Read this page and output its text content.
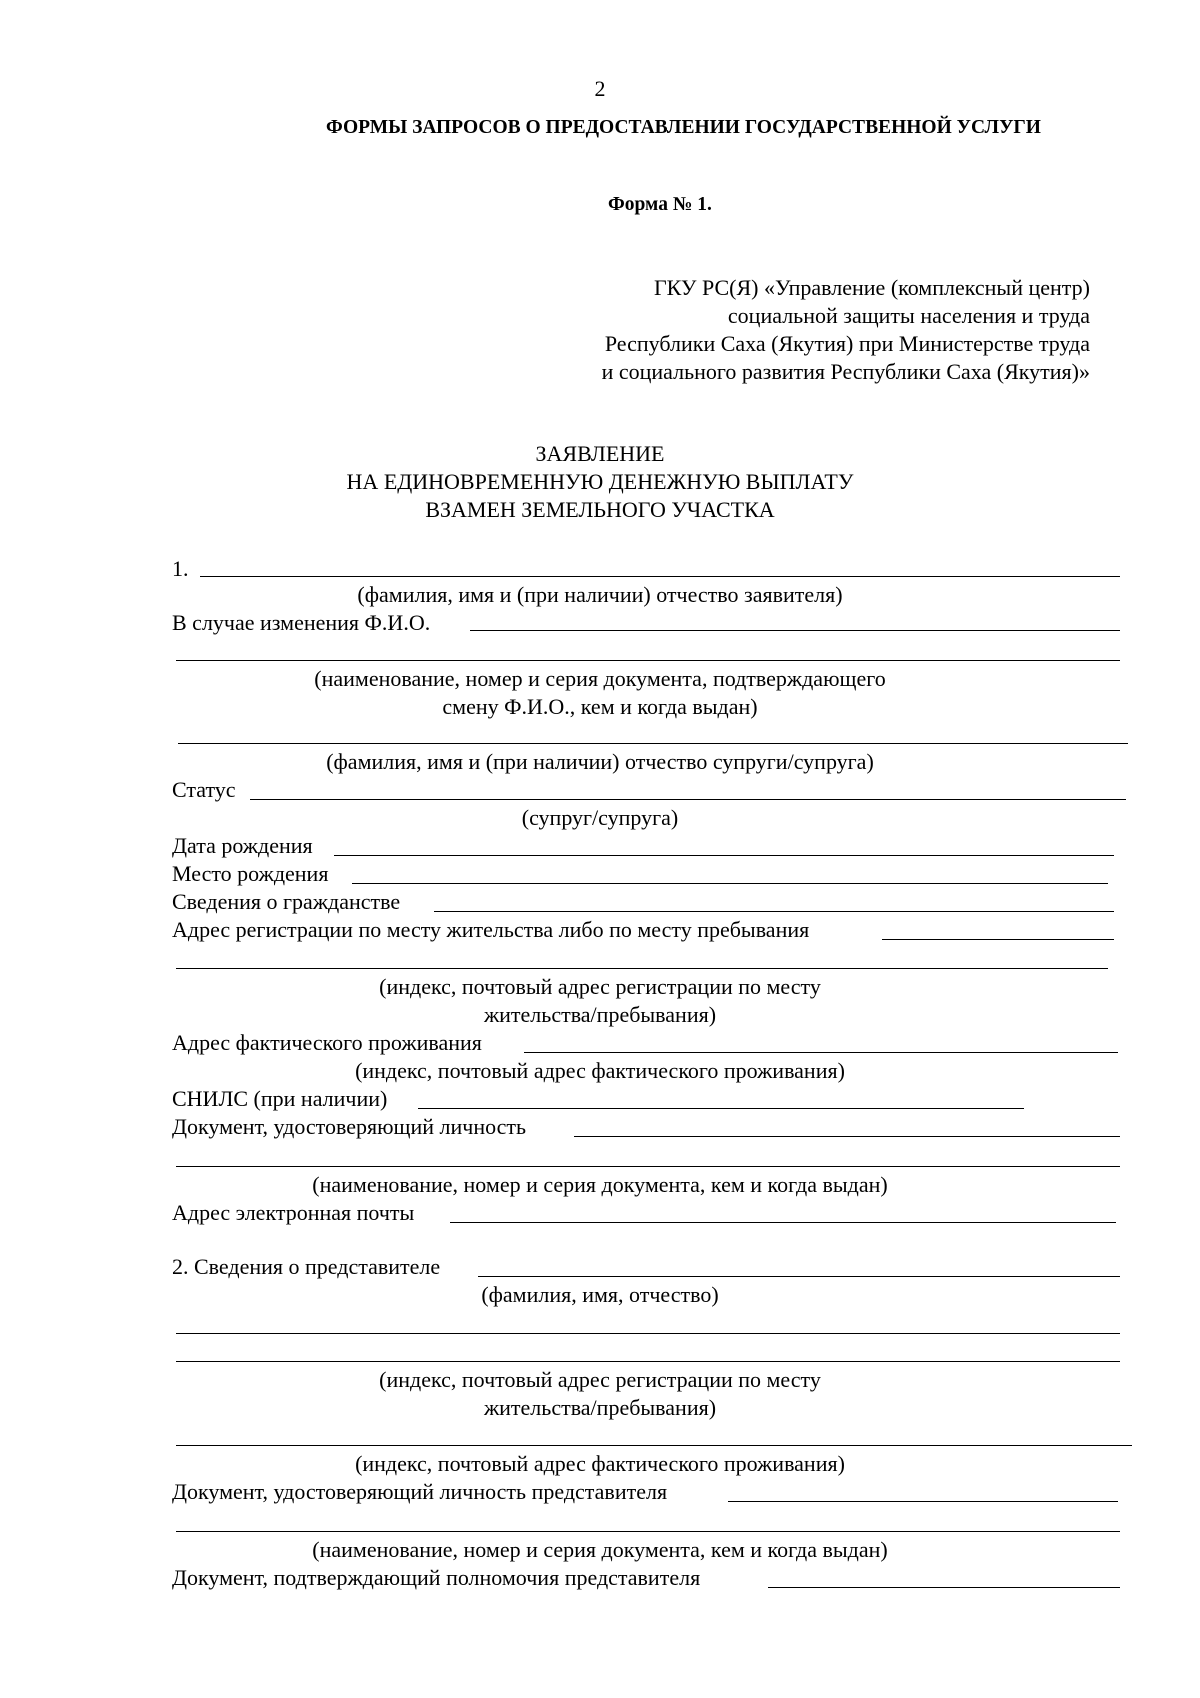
2
ФОРМЫ ЗАПРОСОВ О ПРЕДОСТАВЛЕНИИ ГОСУДАРСТВЕННОЙ УСЛУГИ
Форма № 1.
ГКУ РС(Я) «Управление (комплексный центр)
социальной защиты населения и труда
Республики Саха (Якутия) при Министерстве труда
и социального развития Республики Саха (Якутия)»
ЗАЯВЛЕНИЕ
НА ЕДИНОВРЕМЕННУЮ ДЕНЕЖНУЮ ВЫПЛАТУ
ВЗАМЕН ЗЕМЕЛЬНОГО УЧАСТКА
1.
(фамилия, имя и (при наличии) отчество заявителя)
В случае изменения Ф.И.О.
(наименование, номер и серия документа, подтверждающего
смену Ф.И.О., кем и когда выдан)
(фамилия, имя и (при наличии) отчество супруги/супруга)
Статус
(супруг/супруга)
Дата рождения
Место рождения
Сведения о гражданстве
Адрес регистрации по месту жительства либо по месту пребывания
(индекс, почтовый адрес регистрации по месту
жительства/пребывания)
Адрес фактического проживания
(индекс, почтовый адрес фактического проживания)
СНИЛС (при наличии)
Документ, удостоверяющий личность
(наименование, номер и серия документа, кем и когда выдан)
Адрес электронная почты
2. Сведения о представителе
(фамилия, имя, отчество)
(индекс, почтовый адрес регистрации по месту
жительства/пребывания)
(индекс, почтовый адрес фактического проживания)
Документ, удостоверяющий личность представителя
(наименование, номер и серия документа, кем и когда выдан)
Документ, подтверждающий полномочия представителя
